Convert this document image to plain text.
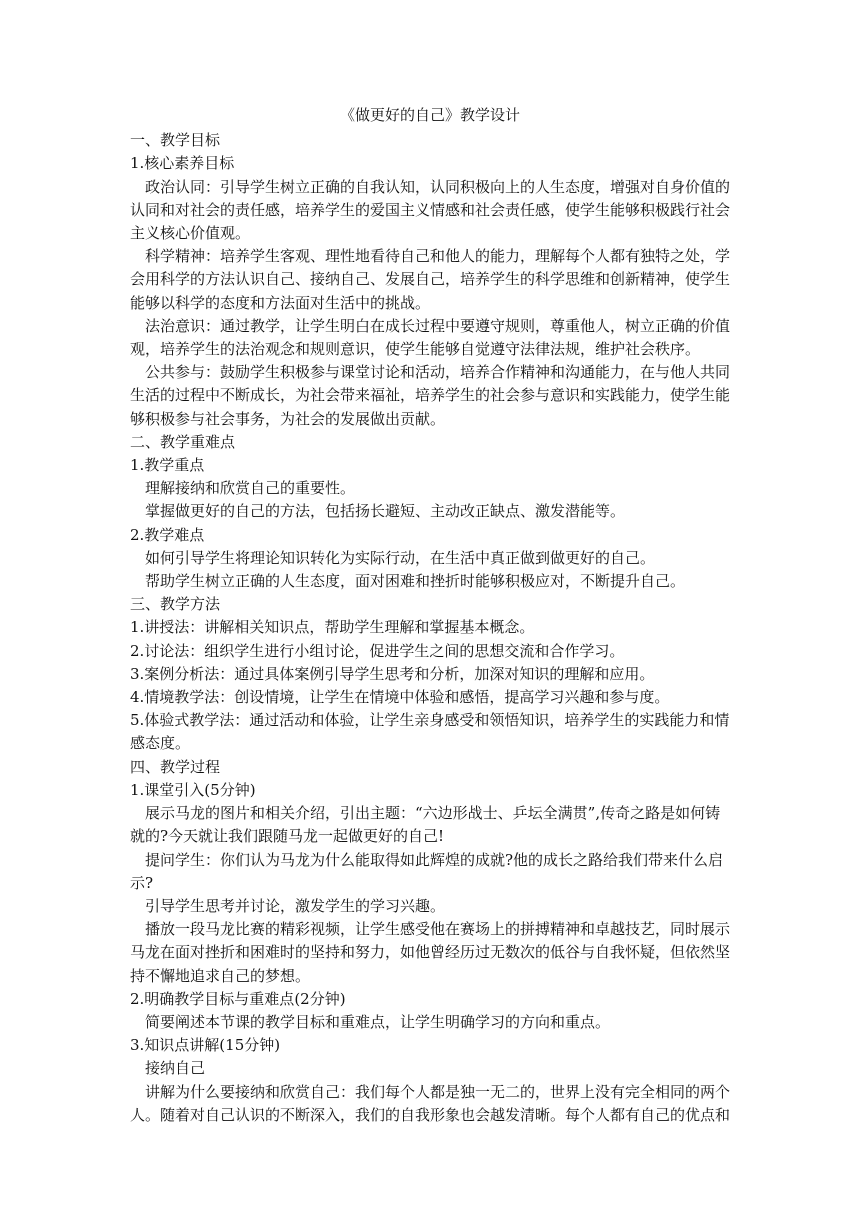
《做更好的自己》教学设计
一、教学目标
1.核心素养目标

政治认同：引导学生树立正确的自我认知，认同积极向上的人生态度，增强对自身价值的认同和对社会的责任感，培养学生的爱国主义情感和社会责任感，使学生能够积极践行社会主义核心价值观。

科学精神：培养学生客观、理性地看待自己和他人的能力，理解每个人都有独特之处，学会用科学的方法认识自己、接纳自己、发展自己，培养学生的科学思维和创新精神，使学生能够以科学的态度和方法面对生活中的挑战。

法治意识：通过教学，让学生明白在成长过程中要遵守规则，尊重他人，树立正确的价值观，培养学生的法治观念和规则意识，使学生能够自觉遵守法律法规，维护社会秩序。

公共参与：鼓励学生积极参与课堂讨论和活动，培养合作精神和沟通能力，在与他人共同生活的过程中不断成长，为社会带来福祉，培养学生的社会参与意识和实践能力，使学生能够积极参与社会事务，为社会的发展做出贡献。

二、教学重难点
1.教学重点

理解接纳和欣赏自己的重要性。

掌握做更好的自己的方法，包括扬长避短、主动改正缺点、激发潜能等。

2.教学难点

如何引导学生将理论知识转化为实际行动，在生活中真正做到做更好的自己。

帮助学生树立正确的人生态度，面对困难和挫折时能够积极应对，不断提升自己。

三、教学方法
1.讲授法：讲解相关知识点，帮助学生理解和掌握基本概念。
2.讨论法：组织学生进行小组讨论，促进学生之间的思想交流和合作学习。
3.案例分析法：通过具体案例引导学生思考和分析，加深对知识的理解和应用。
4.情境教学法：创设情境，让学生在情境中体验和感悟，提高学习兴趣和参与度。
5.体验式教学法：通过活动和体验，让学生亲身感受和领悟知识，培养学生的实践能力和情感态度。
四、教学过程
1.课堂引入(5分钟)

展示马龙的图片和相关介绍，引出主题：“六边形战士、乒坛全满贯”,传奇之路是如何铸就的?今天就让我们跟随马龙一起做更好的自己!

提问学生：你们认为马龙为什么能取得如此辉煌的成就?他的成长之路给我们带来什么启示?

引导学生思考并讨论，激发学生的学习兴趣。

播放一段马龙比赛的精彩视频，让学生感受他在赛场上的拼搏精神和卓越技艺，同时展示马龙在面对挫折和困难时的坚持和努力，如他曾经历过无数次的低谷与自我怀疑，但依然坚持不懈地追求自己的梦想。

2.明确教学目标与重难点(2分钟)

简要阐述本节课的教学目标和重难点，让学生明确学习的方向和重点。

3.知识点讲解(15分钟)

接纳自己

讲解为什么要接纳和欣赏自己：我们每个人都是独一无二的，世界上没有完全相同的两个人。随着对自己认识的不断深入，我们的自我形象也会越发清晰。每个人都有自己的优点和
